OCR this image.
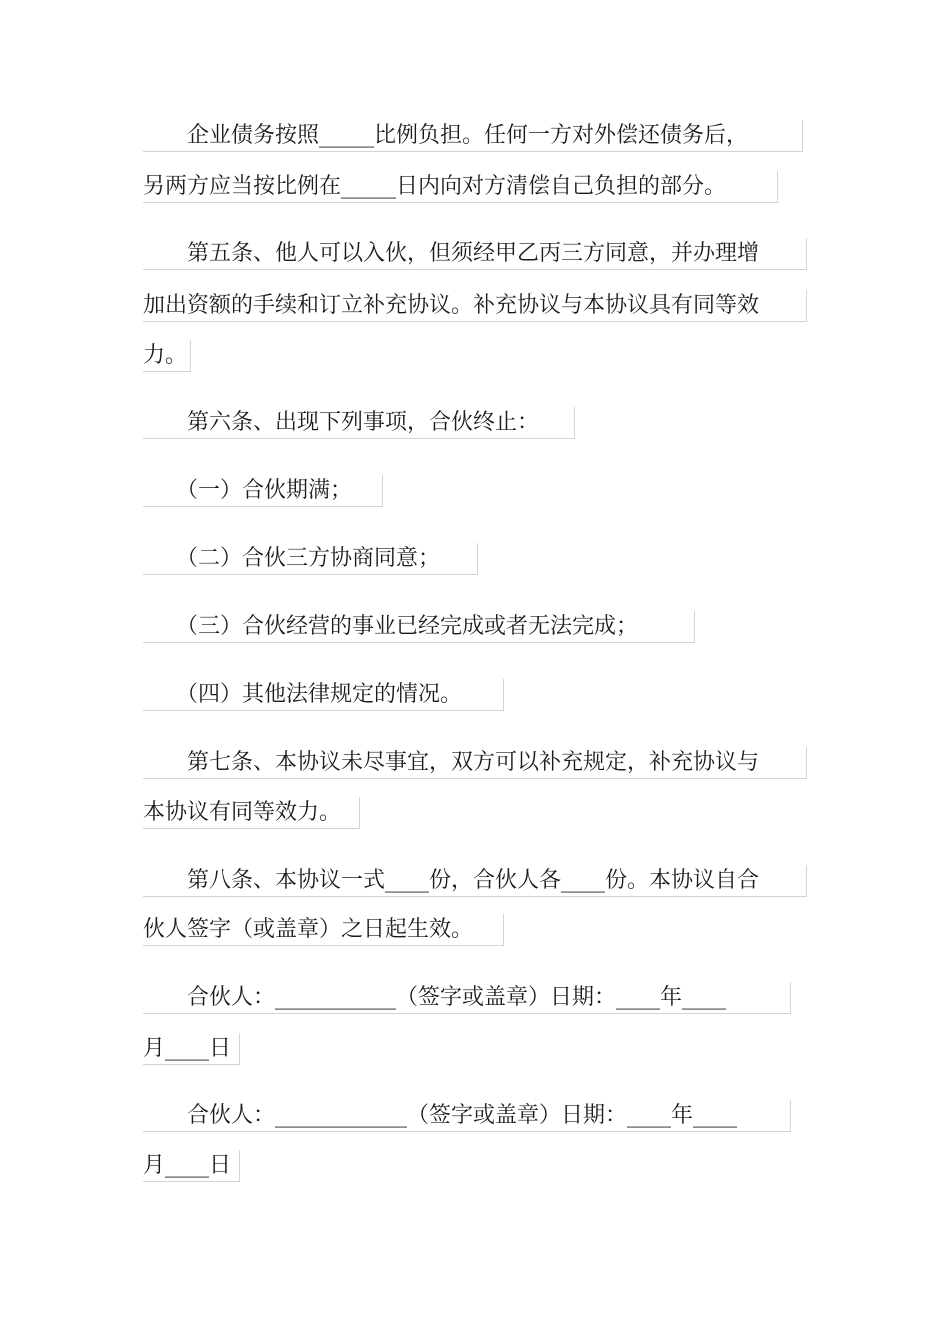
　　企业债务按照_____比例负担。任何一方对外偿还债务后，
另两方应当按比例在_____日内向对方清偿自己负担的部分。
　　第五条、他人可以入伙，但须经甲乙丙三方同意，并办理增
加出资额的手续和订立补充协议。补充协议与本协议具有同等效
力。
　　第六条、出现下列事项，合伙终止：
　　（一）合伙期满；
　　（二）合伙三方协商同意；
　　（三）合伙经营的事业已经完成或者无法完成；
　　（四）其他法律规定的情况。
　　第七条、本协议未尽事宜，双方可以补充规定，补充协议与
本协议有同等效力。
　　第八条、本协议一式____份，合伙人各____份。本协议自合
伙人签字（或盖章）之日起生效。
　　合伙人：___________（签字或盖章）日期：____年____
月____日
　　合伙人：____________（签字或盖章）日期：____年____
月____日
